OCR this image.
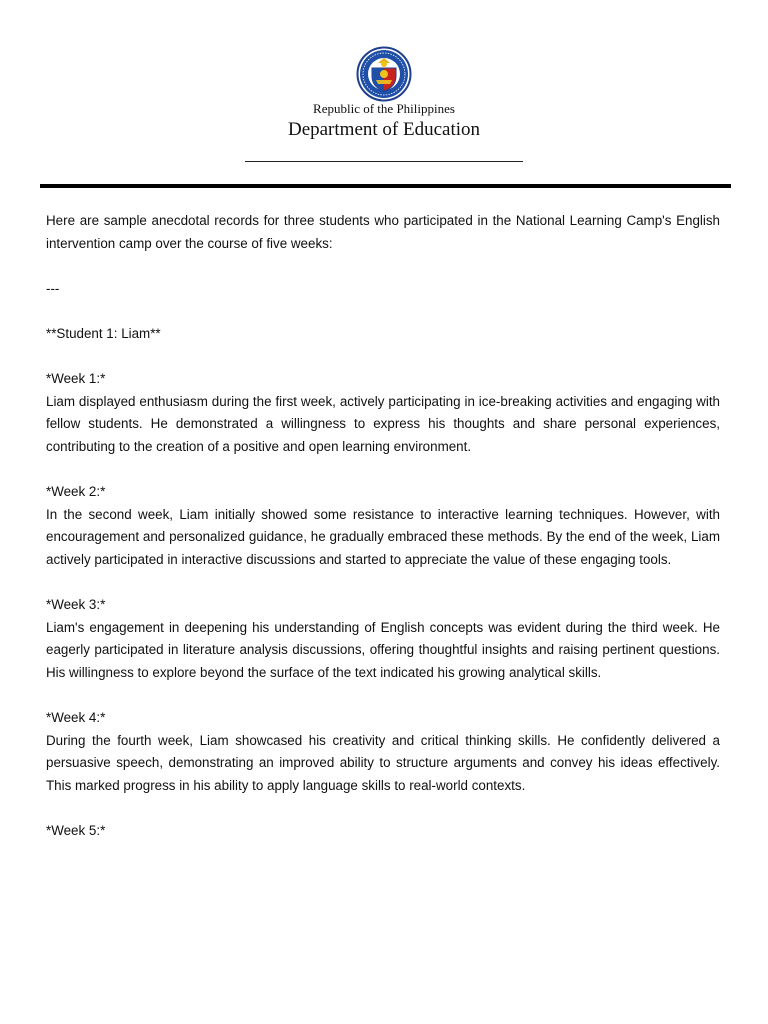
Republic of the Philippines
Department of Education

Here are sample anecdotal records for three students who participated in the National Learning Camp's English intervention camp over the course of five weeks:

---

**Student 1: Liam**

*Week 1:*

Liam displayed enthusiasm during the first week, actively participating in ice-breaking activities and engaging with fellow students. He demonstrated a willingness to express his thoughts and share personal experiences, contributing to the creation of a positive and open learning environment.

*Week 2:*

In the second week, Liam initially showed some resistance to interactive learning techniques. However, with encouragement and personalized guidance, he gradually embraced these methods. By the end of the week, Liam actively participated in interactive discussions and started to appreciate the value of these engaging tools.

*Week 3:*

Liam's engagement in deepening his understanding of English concepts was evident during the third week. He eagerly participated in literature analysis discussions, offering thoughtful insights and raising pertinent questions. His willingness to explore beyond the surface of the text indicated his growing analytical skills.

*Week 4:*

During the fourth week, Liam showcased his creativity and critical thinking skills. He confidently delivered a persuasive speech, demonstrating an improved ability to structure arguments and convey his ideas effectively. This marked progress in his ability to apply language skills to real-world contexts.

*Week 5:*
